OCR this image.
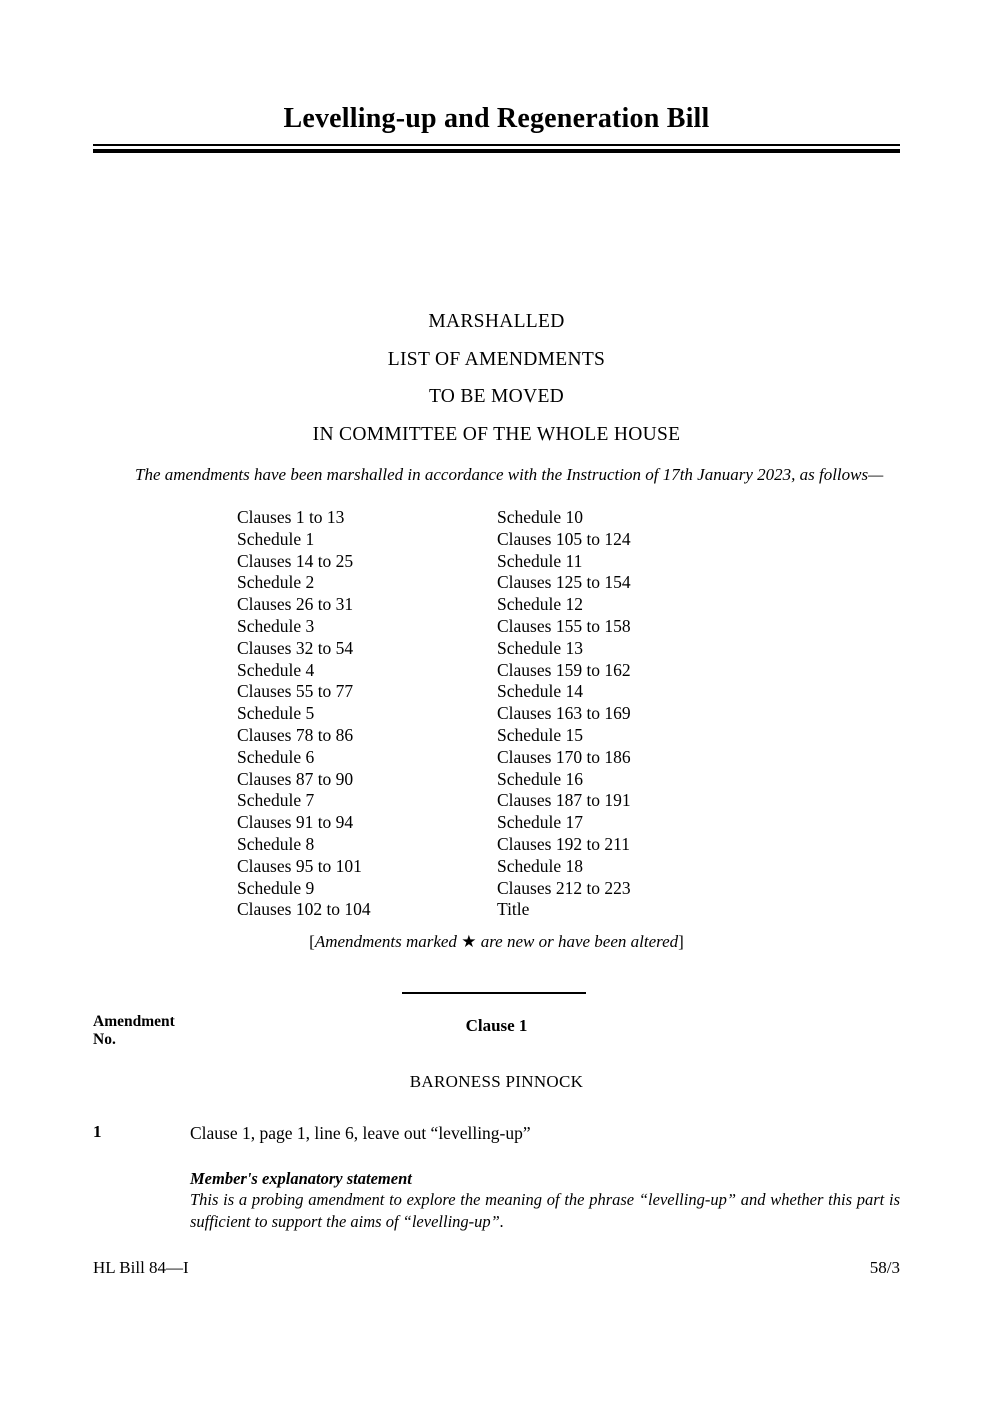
Levelling-up and Regeneration Bill
MARSHALLED
LIST OF AMENDMENTS
TO BE MOVED
IN COMMITTEE OF THE WHOLE HOUSE
The amendments have been marshalled in accordance with the Instruction of 17th January 2023, as follows—
Clauses 1 to 13
Schedule 1
Clauses 14 to 25
Schedule 2
Clauses 26 to 31
Schedule 3
Clauses 32 to 54
Schedule 4
Clauses 55 to 77
Schedule 5
Clauses 78 to 86
Schedule 6
Clauses 87 to 90
Schedule 7
Clauses 91 to 94
Schedule 8
Clauses 95 to 101
Schedule 9
Clauses 102 to 104
Schedule 10
Clauses 105 to 124
Schedule 11
Clauses 125 to 154
Schedule 12
Clauses 155 to 158
Schedule 13
Clauses 159 to 162
Schedule 14
Clauses 163 to 169
Schedule 15
Clauses 170 to 186
Schedule 16
Clauses 187 to 191
Schedule 17
Clauses 192 to 211
Schedule 18
Clauses 212 to 223
Title
[Amendments marked ★ are new or have been altered]
Amendment
No.
Clause 1
BARONESS PINNOCK
1	Clause 1, page 1, line 6, leave out “levelling-up”
Member's explanatory statement
This is a probing amendment to explore the meaning of the phrase “levelling-up” and whether this part is sufficient to support the aims of “levelling-up”.
HL Bill 84—I	58/3
